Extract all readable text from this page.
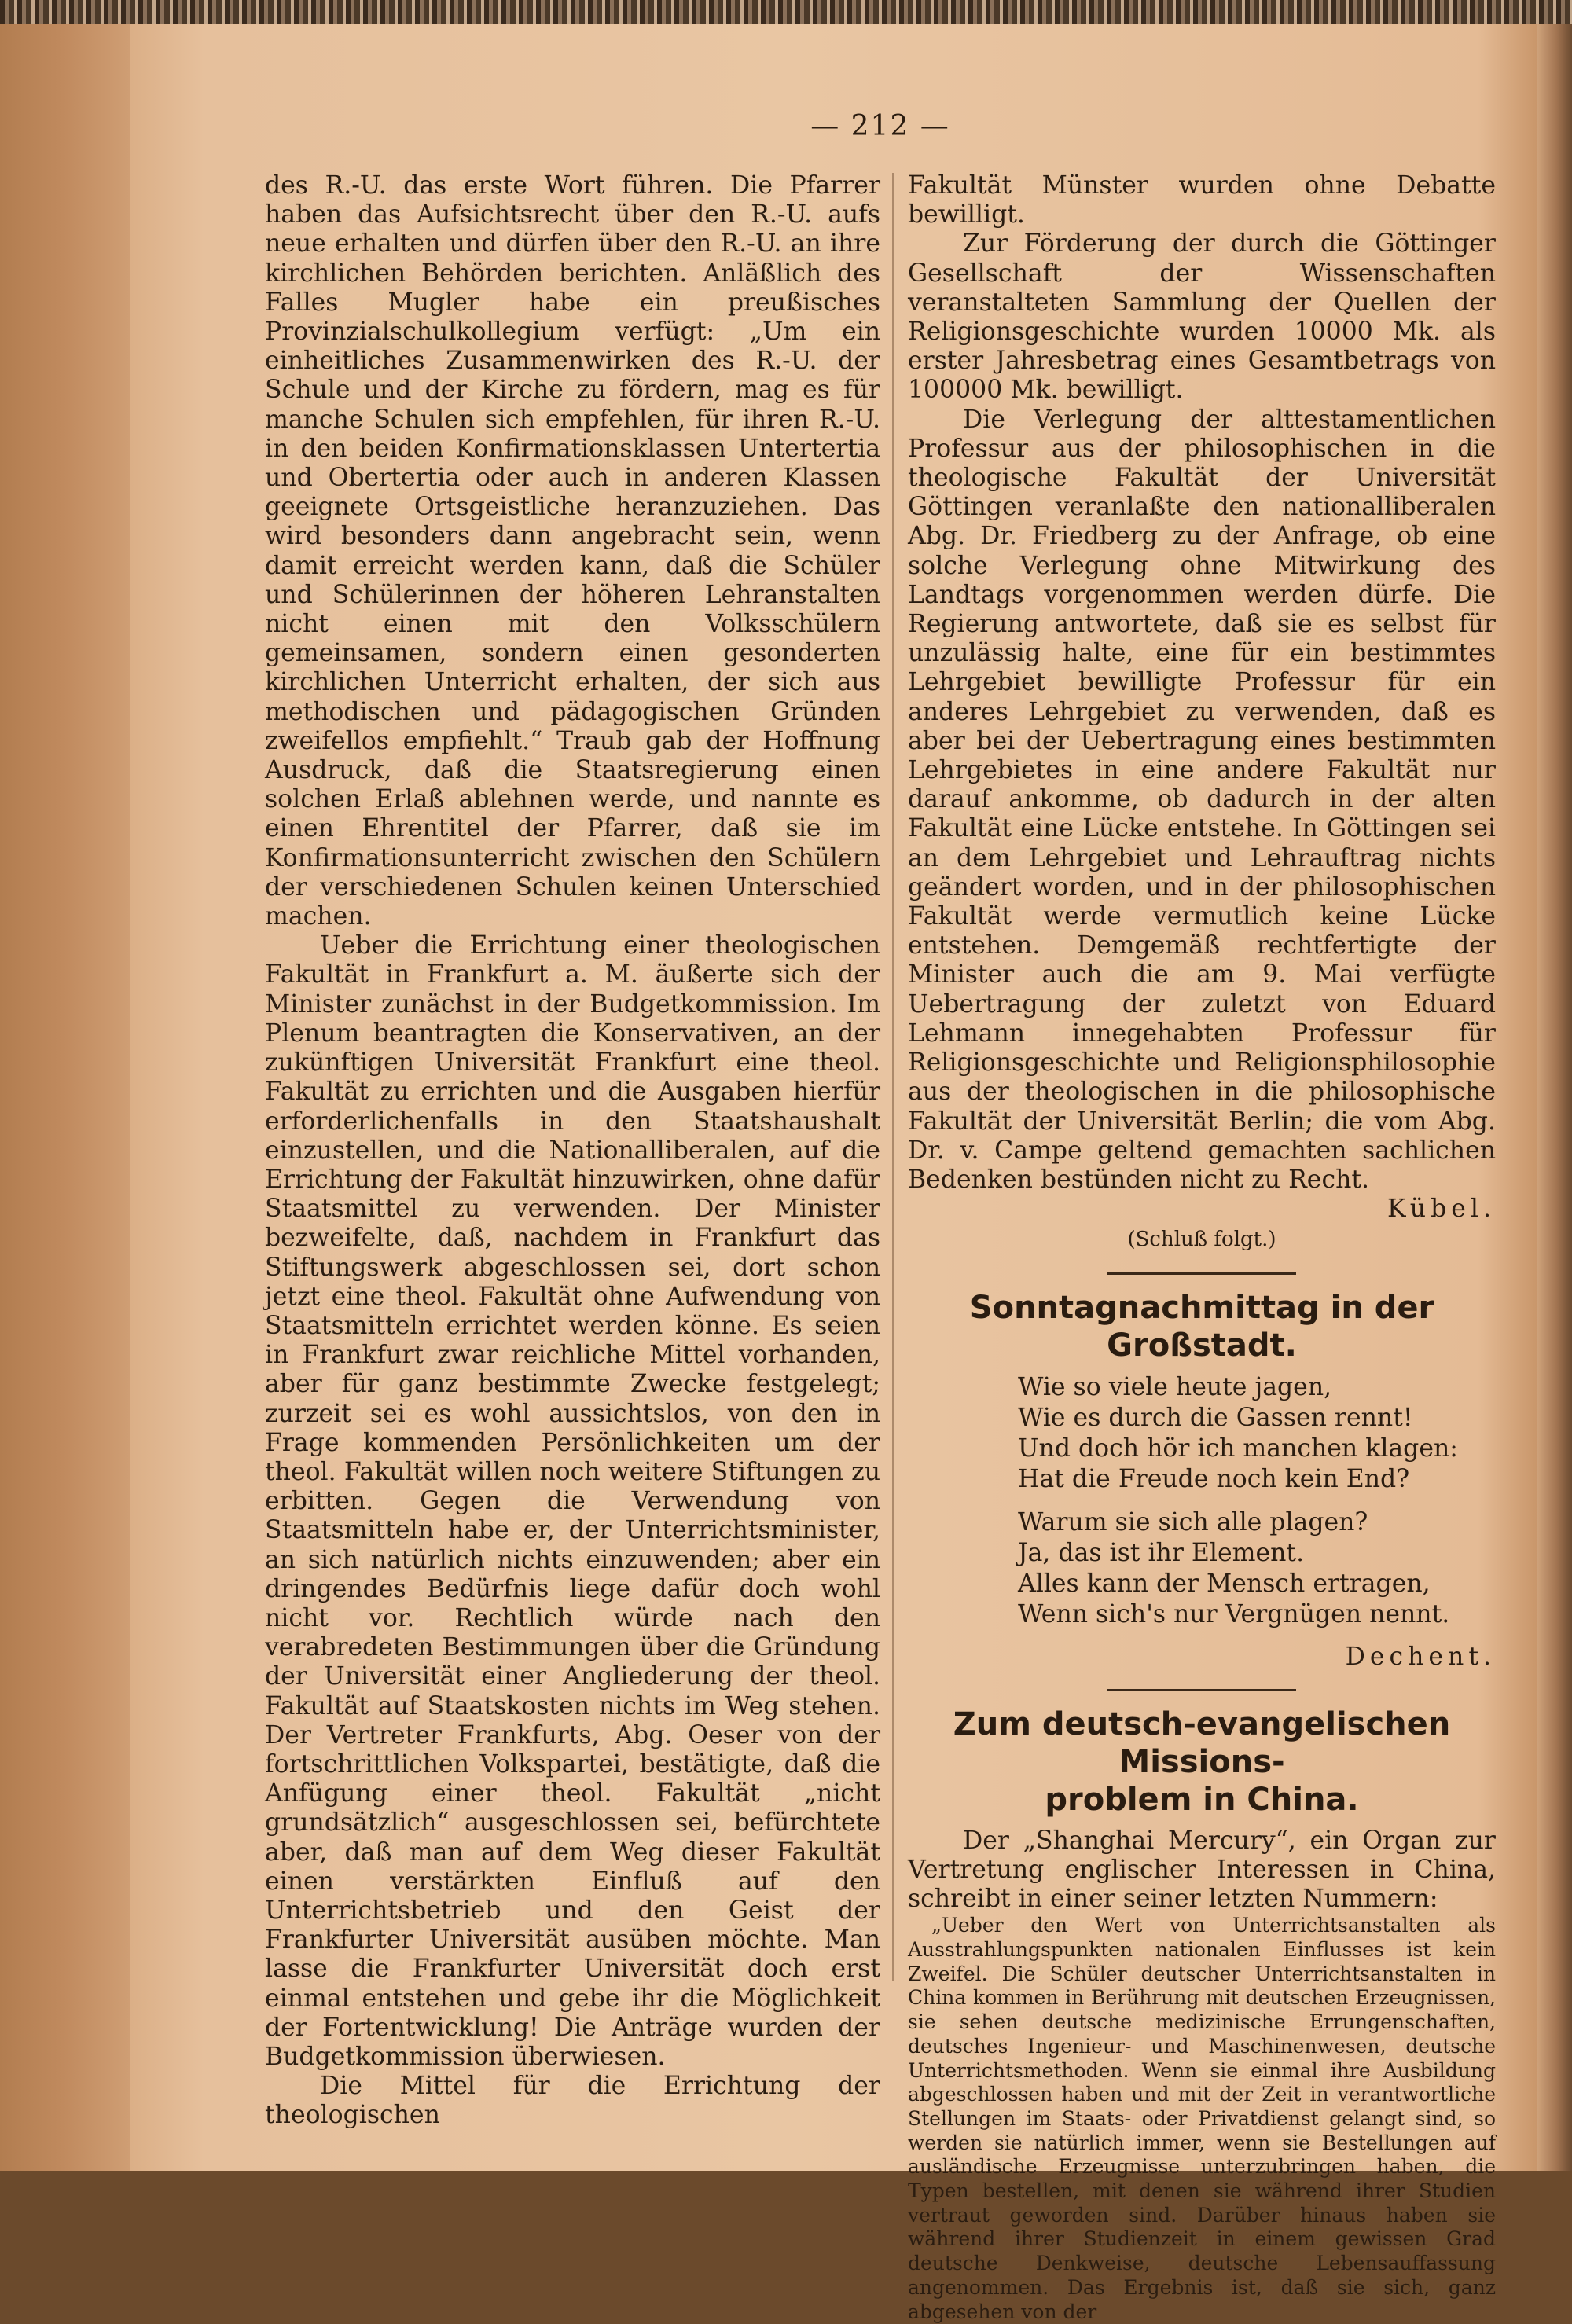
— 212 —

des R.-U. das erste Wort führen. Die Pfarrer haben das Aufsichtsrecht über den R.-U. aufs neue erhalten und dürfen über den R.-U. an ihre kirchlichen Behörden berichten. Anläßlich des Falles Mugler habe ein preußisches Provinzialschulkollegium verfügt: „Um ein einheitliches Zusammenwirken des R.-U. der Schule und der Kirche zu fördern, mag es für manche Schulen sich empfehlen, für ihren R.-U. in den beiden Konfirmationsklassen Untertertia und Obertertia oder auch in anderen Klassen geeignete Ortsgeistliche heranzuziehen. Das wird besonders dann angebracht sein, wenn damit erreicht werden kann, daß die Schüler und Schülerinnen der höheren Lehranstalten nicht einen mit den Volksschülern gemeinsamen, sondern einen gesonderten kirchlichen Unterricht erhalten, der sich aus methodischen und pädagogischen Gründen zweifellos empfiehlt.“ Traub gab der Hoffnung Ausdruck, daß die Staatsregierung einen solchen Erlaß ablehnen werde, und nannte es einen Ehrentitel der Pfarrer, daß sie im Konfirmationsunterricht zwischen den Schülern der verschiedenen Schulen keinen Unterschied machen.

Ueber die Errichtung einer theologischen Fakultät in Frankfurt a. M. äußerte sich der Minister zunächst in der Budgetkommission. Im Plenum beantragten die Konservativen, an der zukünftigen Universität Frankfurt eine theol. Fakultät zu errichten und die Ausgaben hierfür erforderlichenfalls in den Staatshaushalt einzustellen, und die Nationalliberalen, auf die Errichtung der Fakultät hinzuwirken, ohne dafür Staatsmittel zu verwenden. Der Minister bezweifelte, daß, nachdem in Frankfurt das Stiftungswerk abgeschlossen sei, dort schon jetzt eine theol. Fakultät ohne Aufwendung von Staatsmitteln errichtet werden könne. Es seien in Frankfurt zwar reichliche Mittel vorhanden, aber für ganz bestimmte Zwecke festgelegt; zurzeit sei es wohl aussichtslos, von den in Frage kommenden Persönlichkeiten um der theol. Fakultät willen noch weitere Stiftungen zu erbitten. Gegen die Verwendung von Staatsmitteln habe er, der Unterrichtsminister, an sich natürlich nichts einzuwenden; aber ein dringendes Bedürfnis liege dafür doch wohl nicht vor. Rechtlich würde nach den verabredeten Bestimmungen über die Gründung der Universität einer Angliederung der theol. Fakultät auf Staatskosten nichts im Weg stehen. Der Vertreter Frankfurts, Abg. Oeser von der fortschrittlichen Volkspartei, bestätigte, daß die Anfügung einer theol. Fakultät „nicht grundsätzlich“ ausgeschlossen sei, befürchtete aber, daß man auf dem Weg dieser Fakultät einen verstärkten Einfluß auf den Unterrichtsbetrieb und den Geist der Frankfurter Universität ausüben möchte. Man lasse die Frankfurter Universität doch erst einmal entstehen und gebe ihr die Möglichkeit der Fortentwicklung! Die Anträge wurden der Budgetkommission überwiesen.

Die Mittel für die Errichtung der theologischen

Fakultät Münster wurden ohne Debatte bewilligt.

Zur Förderung der durch die Göttinger Gesellschaft der Wissenschaften veranstalteten Sammlung der Quellen der Religionsgeschichte wurden 10000 Mk. als erster Jahresbetrag eines Gesamtbetrags von 100000 Mk. bewilligt.

Die Verlegung der alttestamentlichen Professur aus der philosophischen in die theologische Fakultät der Universität Göttingen veranlaßte den nationalliberalen Abg. Dr. Friedberg zu der Anfrage, ob eine solche Verlegung ohne Mitwirkung des Landtags vorgenommen werden dürfe. Die Regierung antwortete, daß sie es selbst für unzulässig halte, eine für ein bestimmtes Lehrgebiet bewilligte Professur für ein anderes Lehrgebiet zu verwenden, daß es aber bei der Uebertragung eines bestimmten Lehrgebietes in eine andere Fakultät nur darauf ankomme, ob dadurch in der alten Fakultät eine Lücke entstehe. In Göttingen sei an dem Lehrgebiet und Lehrauftrag nichts geändert worden, und in der philosophischen Fakultät werde vermutlich keine Lücke entstehen. Demgemäß rechtfertigte der Minister auch die am 9. Mai verfügte Uebertragung der zuletzt von Eduard Lehmann innegehabten Professur für Religionsgeschichte und Religionsphilosophie aus der theologischen in die philosophische Fakultät der Universität Berlin; die vom Abg. Dr. v. Campe geltend gemachten sachlichen Bedenken bestünden nicht zu Recht.

Kübel.
(Schluß folgt.)
Sonntagnachmittag in der Großstadt.
Wie so viele heute jagen,
Wie es durch die Gassen rennt!
Und doch hör ich manchen klagen:
Hat die Freude noch kein End?
Warum sie sich alle plagen?
Ja, das ist ihr Element.
Alles kann der Mensch ertragen,
Wenn sich's nur Vergnügen nennt.
Dechent.
Zum deutsch-evangelischen Missions-
problem in China.

Der „Shanghai Mercury“, ein Organ zur Vertretung englischer Interessen in China, schreibt in einer seiner letzten Nummern:

„Ueber den Wert von Unterrichtsanstalten als Ausstrahlungspunkten nationalen Einflusses ist kein Zweifel. Die Schüler deutscher Unterrichtsanstalten in China kommen in Berührung mit deutschen Erzeugnissen, sie sehen deutsche medizinische Errungenschaften, deutsches Ingenieur- und Maschinenwesen, deutsche Unterrichtsmethoden. Wenn sie einmal ihre Ausbildung abgeschlossen haben und mit der Zeit in verantwortliche Stellungen im Staats- oder Privatdienst gelangt sind, so werden sie natürlich immer, wenn sie Bestellungen auf ausländische Erzeugnisse unterzubringen haben, die Typen bestellen, mit denen sie während ihrer Studien vertraut geworden sind. Darüber hinaus haben sie während ihrer Studienzeit in einem gewissen Grad deutsche Denkweise, deutsche Lebensauffassung angenommen. Das Ergebnis ist, daß sie sich, ganz abgesehen von der
